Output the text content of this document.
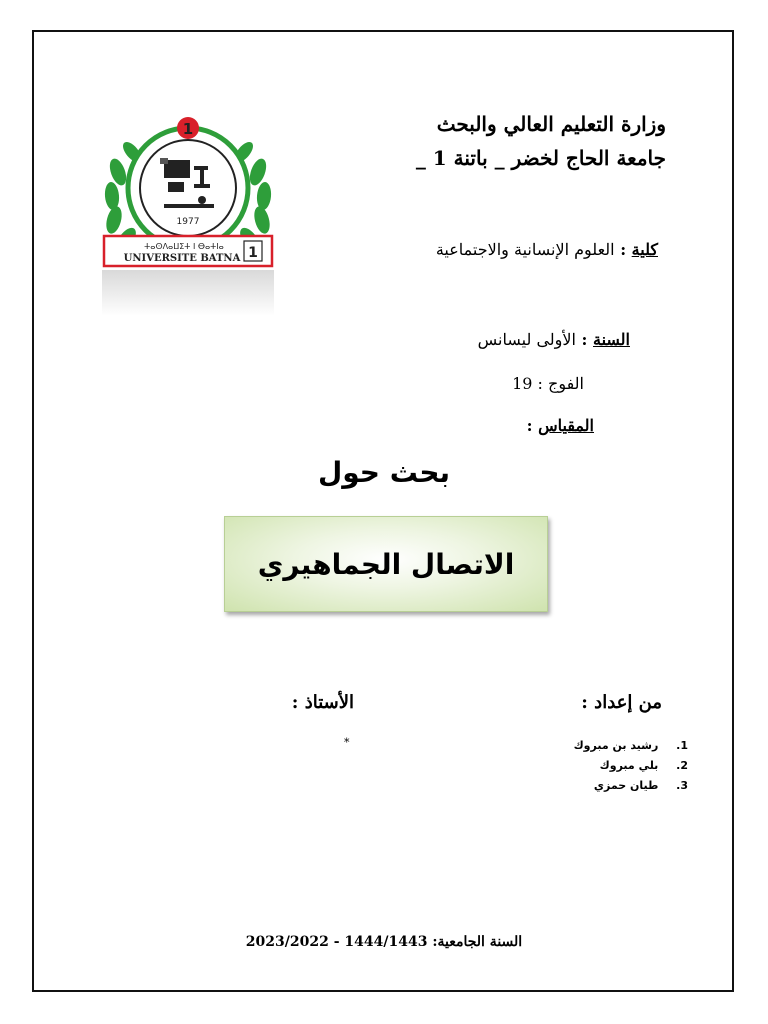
1
1977
ⵜⴰⵙⴷⴰⵡⵉⵜ ⵏ ⴱⴰⵜⵏⴰ
UNIVERSITE BATNA 1
وزارة التعليم العالي والبحث
جامعة الحاج لخضر _ باتنة 1 _
كلية : العلوم الإنسانية والاجتماعية
السنة : الأولى ليسانس
الفوج : 19
المقياس :
بحث حول
الاتصال الجماهيري
من إعداد :
الأستاذ :
*	1.  رشيد بن مبروك
2.  بلي مبروك
3.  طيان حمزي
2023/2022 - 1444/1443 السنة الجامعية:
